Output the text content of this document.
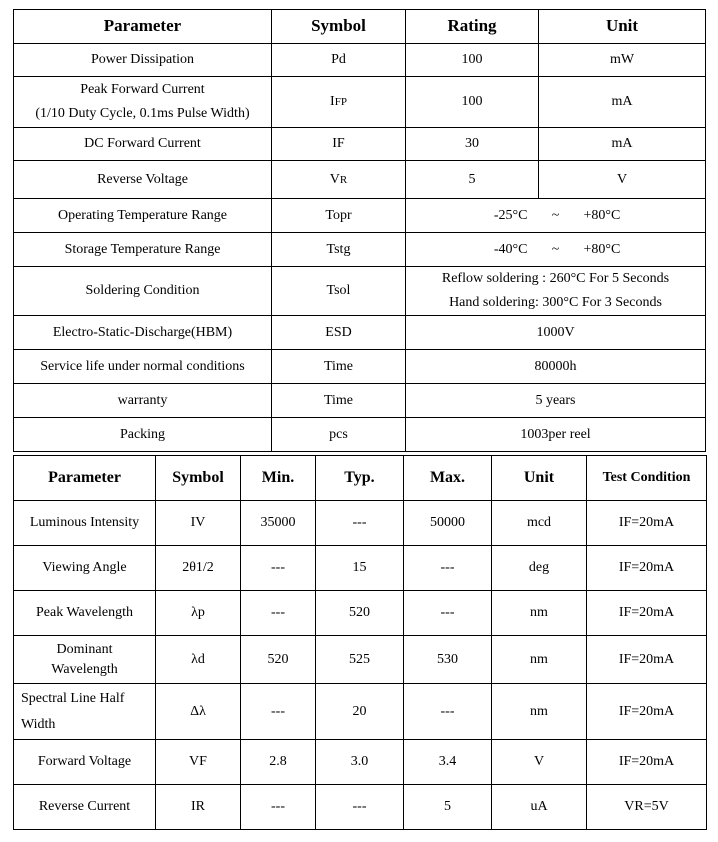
Parameter	Symbol	Rating	Unit
Power Dissipation	Pd	100	mW

Peak Forward Current
(1/10 Duty Cycle, 0.1ms Pulse Width)	IFP	100	mA
DC Forward Current	IF	30	mA
Reverse Voltage	VR	5	V
Operating Temperature Range	Topr	-25°C ~ +80°C	

Storage Temperature Range	Tstg	-40°C ~ +80°C	

Soldering Condition	Tsol	Reflow soldering : 260°C For 5 Seconds
Hand soldering: 300°C For 3 Seconds	

Electro-Static-Discharge(HBM)	ESD	1000V	
Service life under normal conditions	Time	80000h	
warranty	Time	5 years	
Packing	pcs	1003per reel	
Parameter	Symbol	Min.	Typ.	Max.	Unit	Test Condition
Luminous Intensity	IV	35000	---	50000	mcd	IF=20mA
Viewing Angle	2θ1/2	---	15	---	deg	IF=20mA
Peak Wavelength	λp	---	520	---	nm	IF=20mA

Dominant
Wavelength	λd	520	525	530	nm	IF=20mA

Spectral Line Half
Width	Δλ	---	20	---	nm	IF=20mA
Forward Voltage	VF	2.8	3.0	3.4	V	IF=20mA
Reverse Current	IR	---	---	5	uA	VR=5V
